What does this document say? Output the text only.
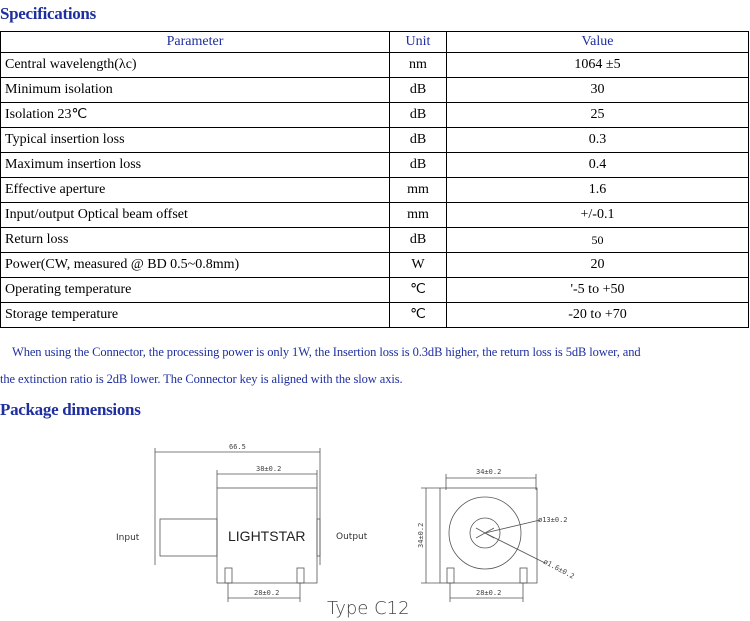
Specifications
Parameter	Unit	Value
Central wavelength(λc)	nm	1064 ±5
Minimum isolation	dB	30
Isolation 23℃	dB	25
Typical insertion loss	dB	0.3
Maximum insertion loss	dB	0.4
Effective aperture	mm	1.6
Input/output Optical beam offset	mm	+/-0.1
Return loss	dB	50
Power(CW, measured @ BD 0.5~0.8mm)	W	20
Operating temperature	℃	'-5 to +50
Storage temperature	℃	-20 to +70
When using the Connector, the processing power is only 1W, the Insertion loss is 0.3dB higher, the return loss is 5dB lower, and
the extinction ratio is 2dB lower. The Connector key is aligned with the slow axis.
Package dimensions
66.5
38±0.2
28±0.2
Input	Output
LIGHTSTAR
34±0.2
34±0.2
28±0.2
ø13±0.2
ø1.6±0.2
Type C12
